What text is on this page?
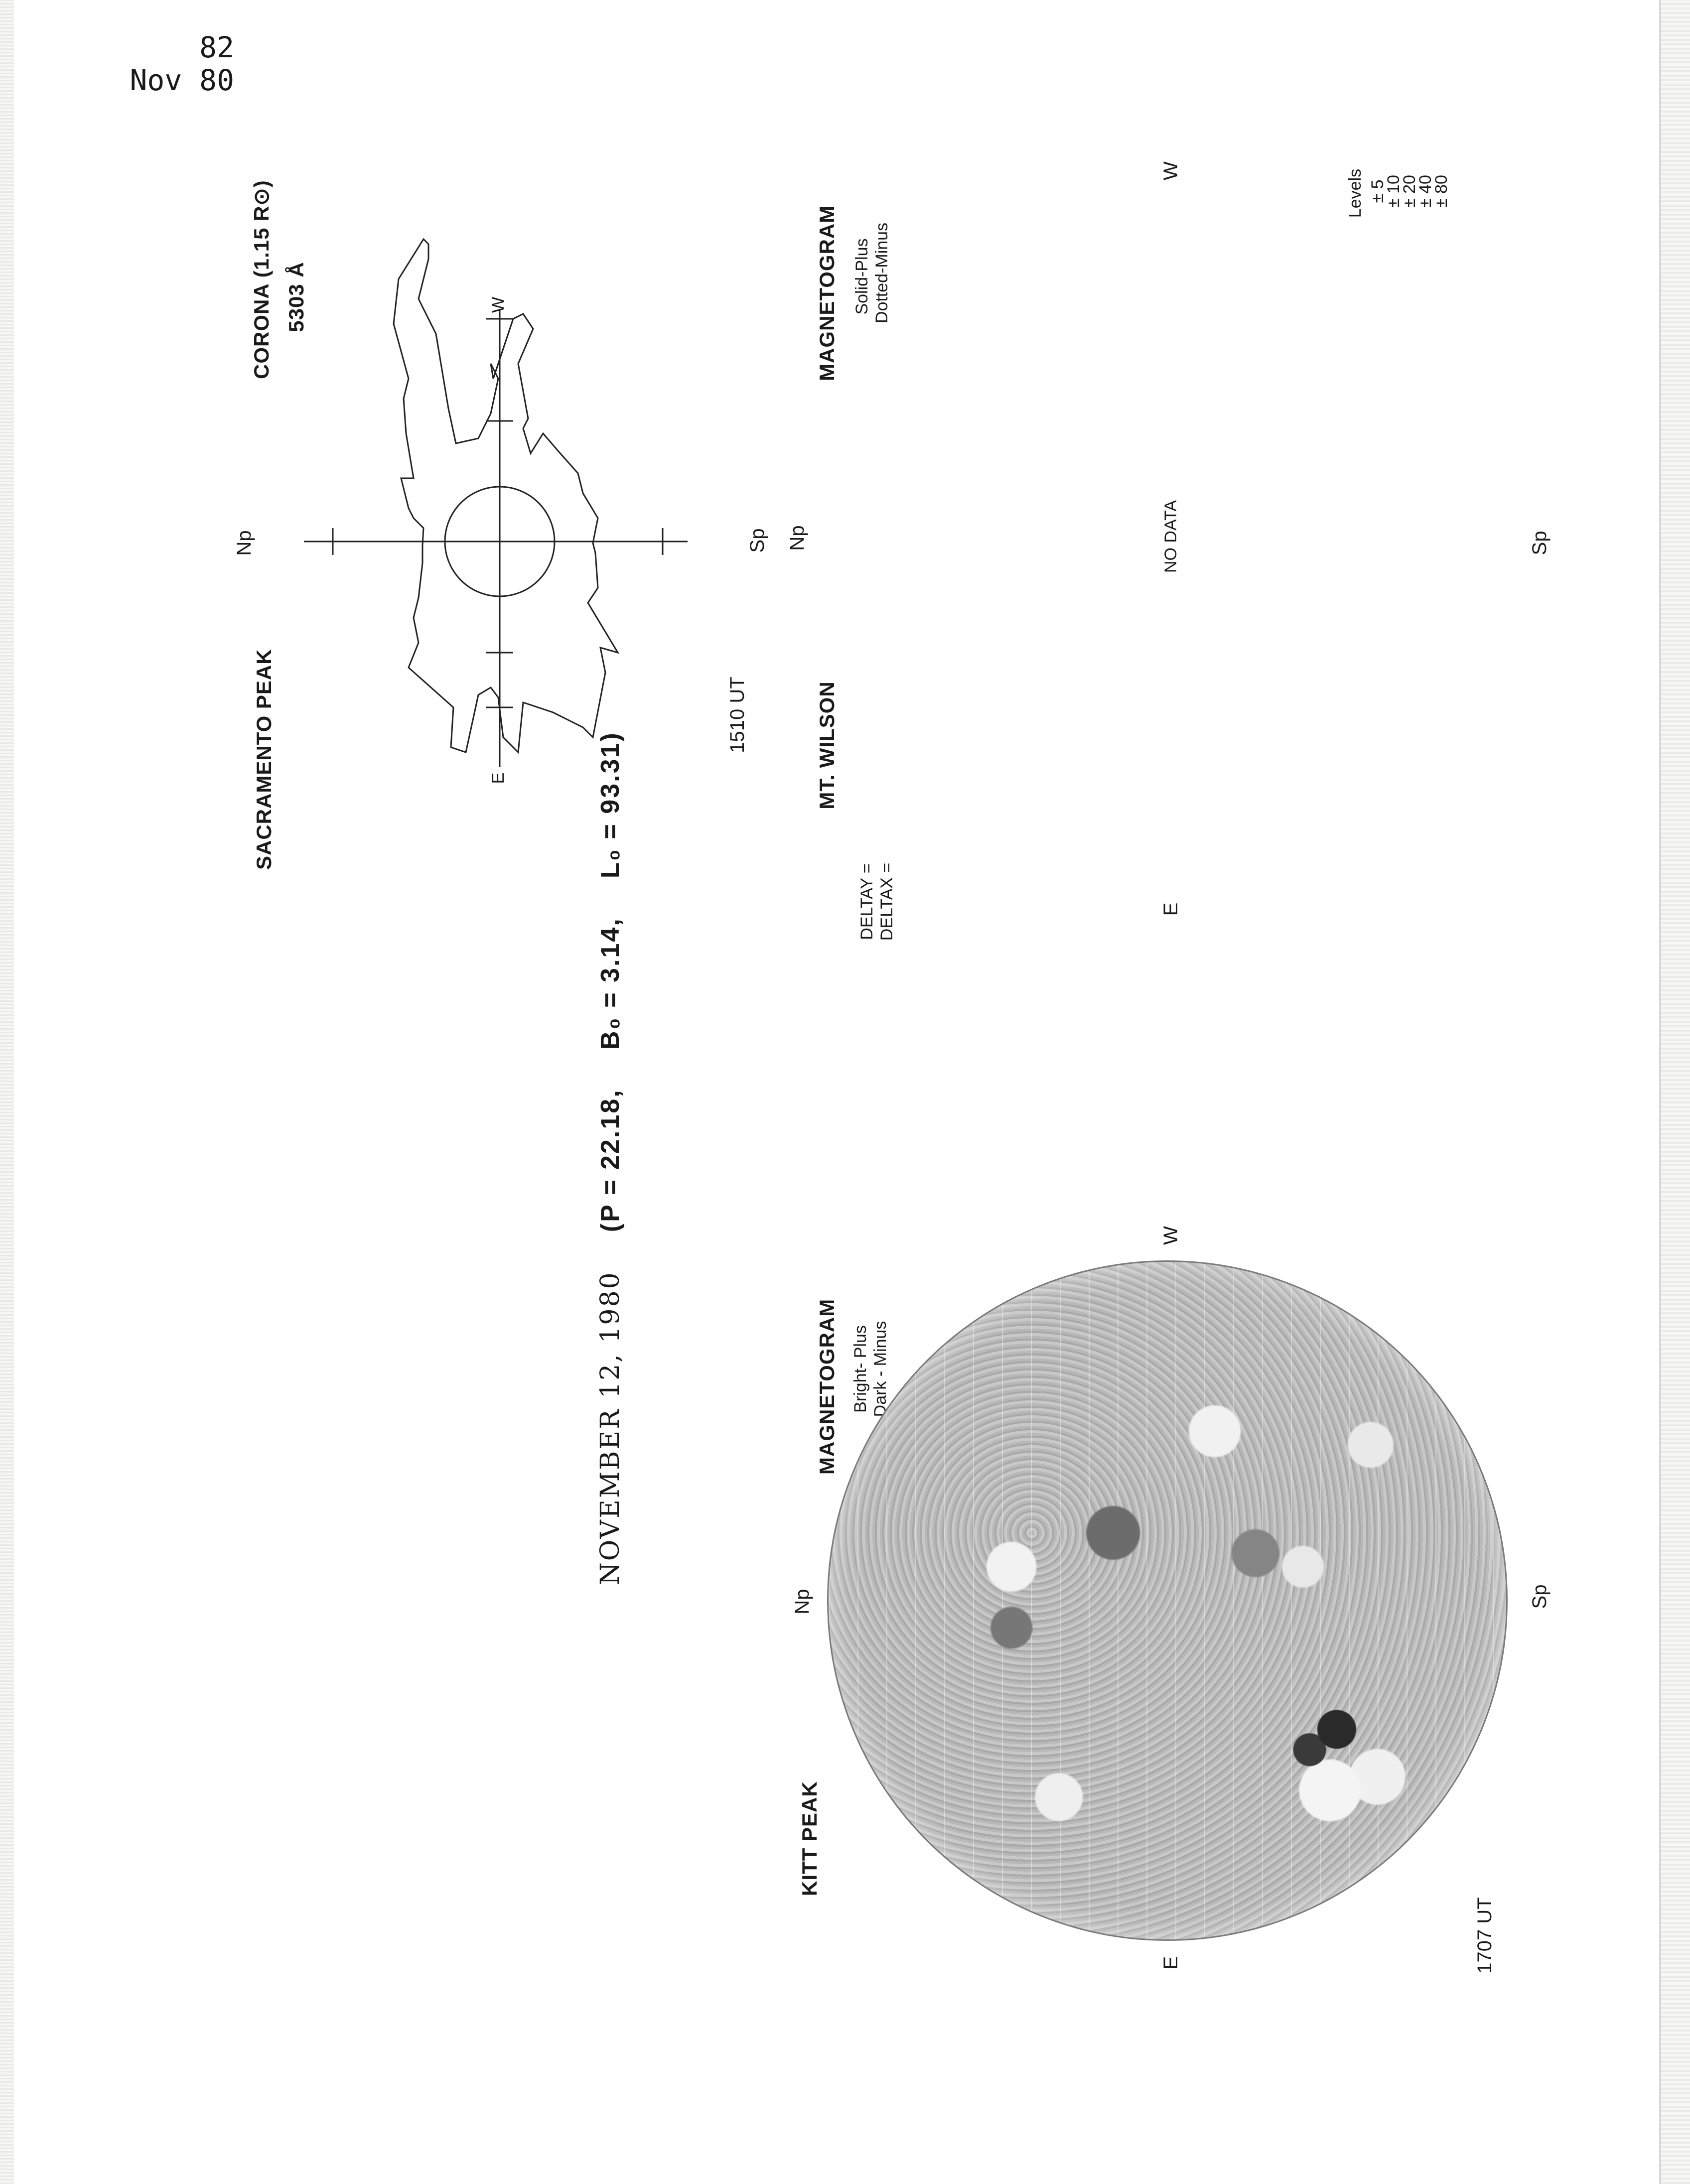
82
Nov 80
NOVEMBER 12, 1980    (P = 22.18,    B₀ = 3.14,    L₀ = 93.31)
SACRAMENTO PEAK
Np
CORONA (1.15 R⊙) 5303 Å
Sp
1510 UT
E
W
MT. WILSON
MAGNETOGRAM Solid-Plus Dotted-Minus
Np
DELTAY = DELTAX =	E
W
NO DATA	Sp
Levels ± 5
± 10
± 20
± 40
± 80
KITT PEAK
Np
MAGNETOGRAM Bright- Plus Dark - Minus
W
E
Sp
1707 UT
